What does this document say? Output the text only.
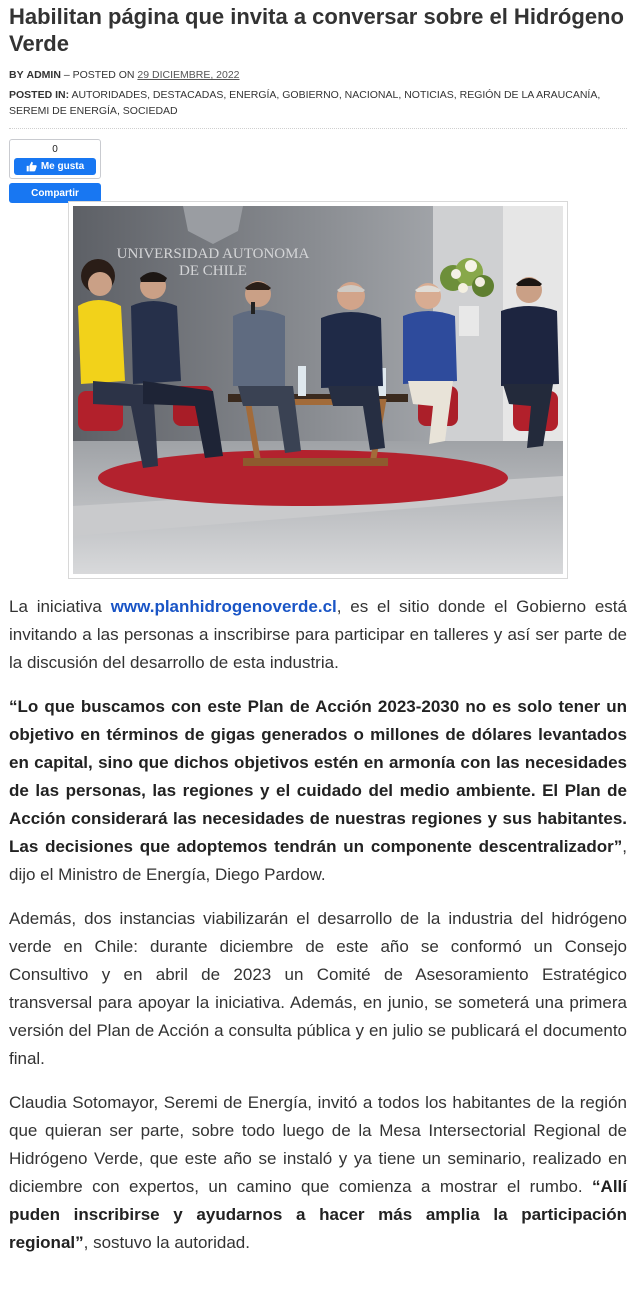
Habilitan página que invita a conversar sobre el Hidrógeno Verde
BY ADMIN – POSTED ON 29 DICIEMBRE, 2022
POSTED IN: AUTORIDADES, DESTACADAS, ENERGÍA, GOBIERNO, NACIONAL, NOTICIAS, REGIÓN DE LA ARAUCANÍA, SEREMI DE ENERGÍA, SOCIEDAD
0
Me gusta
Compartir
UNIVERSIDAD AUTONOMA
DE CHILE

La iniciativa www.planhidrogenoverde.cl, es el sitio donde el Gobierno está invitando a las personas a inscribirse para participar en talleres y así ser parte de la discusión del desarrollo de esta industria.

“Lo que buscamos con este Plan de Acción 2023-2030 no es solo tener un objetivo en términos de gigas generados o millones de dólares levantados en capital, sino que dichos objetivos estén en armonía con las necesidades de las personas, las regiones y el cuidado del medio ambiente. El Plan de Acción considerará las necesidades de nuestras regiones y sus habitantes. Las decisiones que adoptemos tendrán un componente descentralizador”, dijo el Ministro de Energía, Diego Pardow.

Además, dos instancias viabilizarán el desarrollo de la industria del hidrógeno verde en Chile: durante diciembre de este año se conformó un Consejo Consultivo y en abril de 2023 un Comité de Asesoramiento Estratégico transversal para apoyar la iniciativa. Además, en junio, se someterá una primera versión del Plan de Acción a consulta pública y en julio se publicará el documento final.

Claudia Sotomayor, Seremi de Energía, invitó a todos los habitantes de la región que quieran ser parte, sobre todo luego de la Mesa Intersectorial Regional de Hidrógeno Verde, que este año se instaló y ya tiene un seminario, realizado en diciembre con expertos, un camino que comienza a mostrar el rumbo. “Allí puden inscribirse y ayudarnos a hacer más amplia la participación regional”, sostuvo la autoridad.
